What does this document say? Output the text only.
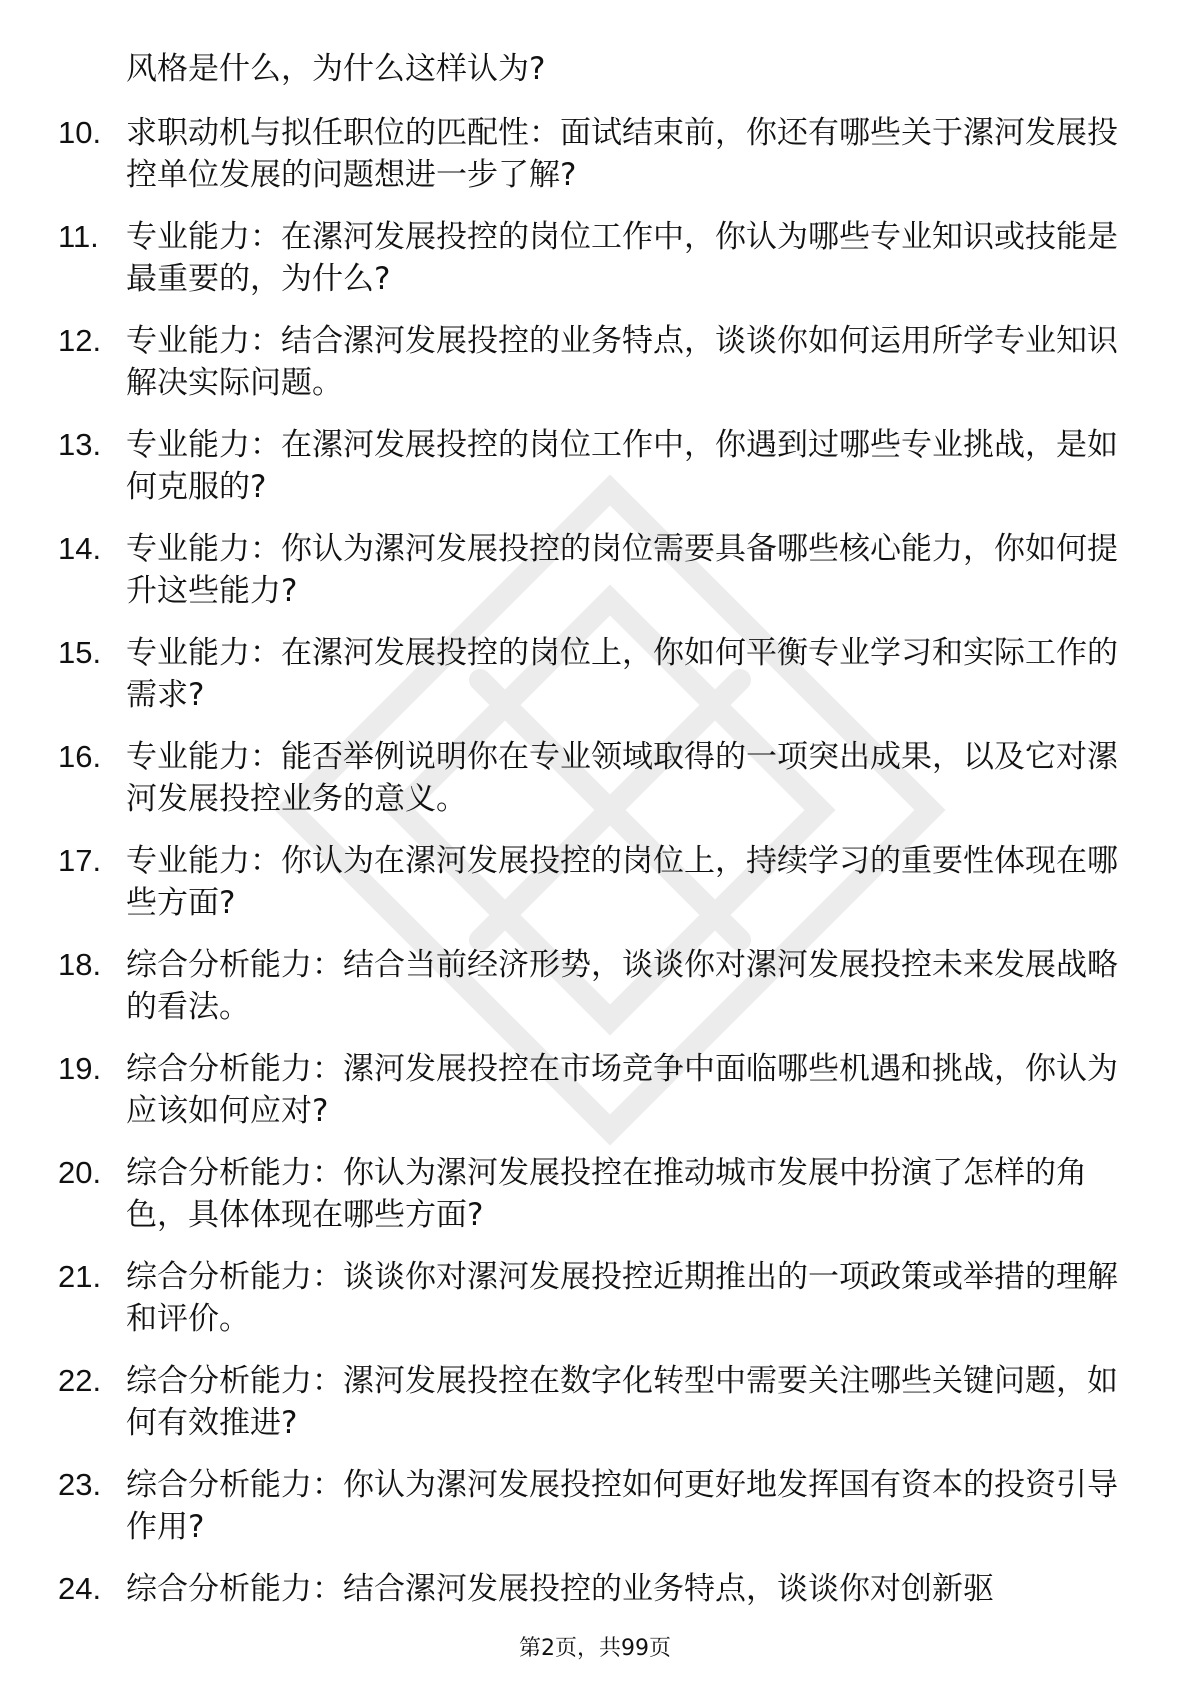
风格是什么，为什么这样认为?

10. 求职动机与拟任职位的匹配性：面试结束前，你还有哪些关于漯河发展投控单位发展的问题想进一步了解?
11. 专业能力：在漯河发展投控的岗位工作中，你认为哪些专业知识或技能是最重要的，为什么?
12. 专业能力：结合漯河发展投控的业务特点，谈谈你如何运用所学专业知识解决实际问题。
13. 专业能力：在漯河发展投控的岗位工作中，你遇到过哪些专业挑战，是如何克服的?
14. 专业能力：你认为漯河发展投控的岗位需要具备哪些核心能力，你如何提升这些能力?
15. 专业能力：在漯河发展投控的岗位上，你如何平衡专业学习和实际工作的需求?
16. 专业能力：能否举例说明你在专业领域取得的一项突出成果，以及它对漯河发展投控业务的意义。
17. 专业能力：你认为在漯河发展投控的岗位上，持续学习的重要性体现在哪些方面?
18. 综合分析能力：结合当前经济形势，谈谈你对漯河发展投控未来发展战略的看法。
19. 综合分析能力：漯河发展投控在市场竞争中面临哪些机遇和挑战，你认为应该如何应对?
20. 综合分析能力：你认为漯河发展投控在推动城市发展中扮演了怎样的角色，具体体现在哪些方面?
21. 综合分析能力：谈谈你对漯河发展投控近期推出的一项政策或举措的理解和评价。
22. 综合分析能力：漯河发展投控在数字化转型中需要关注哪些关键问题，如何有效推进?
23. 综合分析能力：你认为漯河发展投控如何更好地发挥国有资本的投资引导作用?
24. 综合分析能力：结合漯河发展投控的业务特点，谈谈你对创新驱
第2页，共99页
